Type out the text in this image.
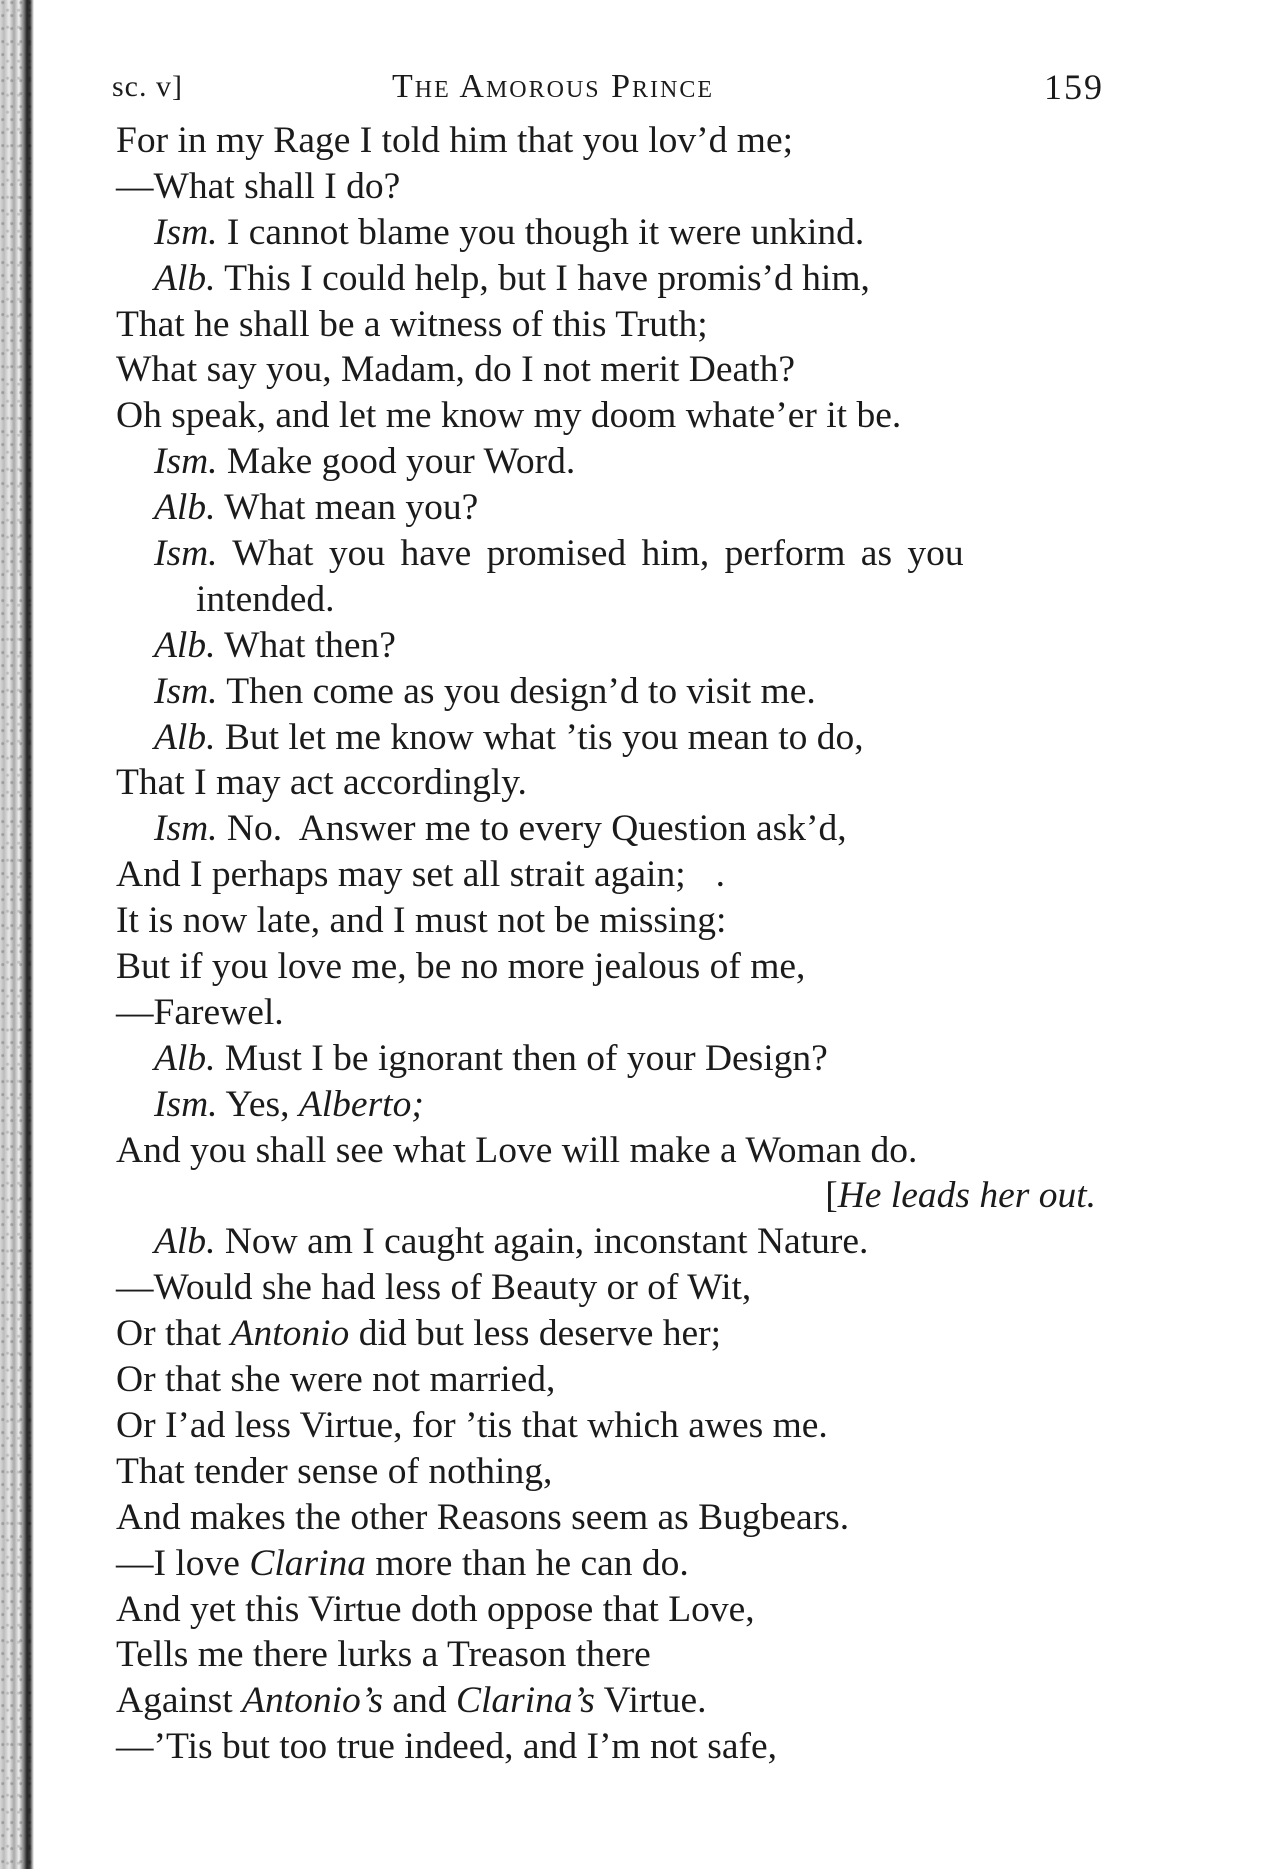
sc. v]	The Amorous Prince	159
For in my Rage I told him that you lov’d me;
—What shall I do?
Ism. I cannot blame you though it were unkind.
Alb. This I could help, but I have promis’d him,
That he shall be a witness of this Truth;
What say you, Madam, do I not merit Death?
Oh speak, and let me know my doom whate’er it be.
Ism. Make good your Word.
Alb. What mean you?
Ism. What you have promised him, perform as you
intended.
Alb. What then?
Ism. Then come as you design’d to visit me.
Alb. But let me know what ’tis you mean to do,
That I may act accordingly.
Ism. No.  Answer me to every Question ask’d,
And I perhaps may set all strait again; .
It is now late, and I must not be missing:
But if you love me, be no more jealous of me,
—Farewel.
Alb. Must I be ignorant then of your Design?
Ism. Yes, Alberto;
And you shall see what Love will make a Woman do.
[He leads her out.
Alb. Now am I caught again, inconstant Nature.
—Would she had less of Beauty or of Wit,
Or that Antonio did but less deserve her;
Or that she were not married,
Or I’ad less Virtue, for ’tis that which awes me.
That tender sense of nothing,
And makes the other Reasons seem as Bugbears.
—I love Clarina more than he can do.
And yet this Virtue doth oppose that Love,
Tells me there lurks a Treason there
Against Antonio’s and Clarina’s Virtue.
—’Tis but too true indeed, and I’m not safe,
